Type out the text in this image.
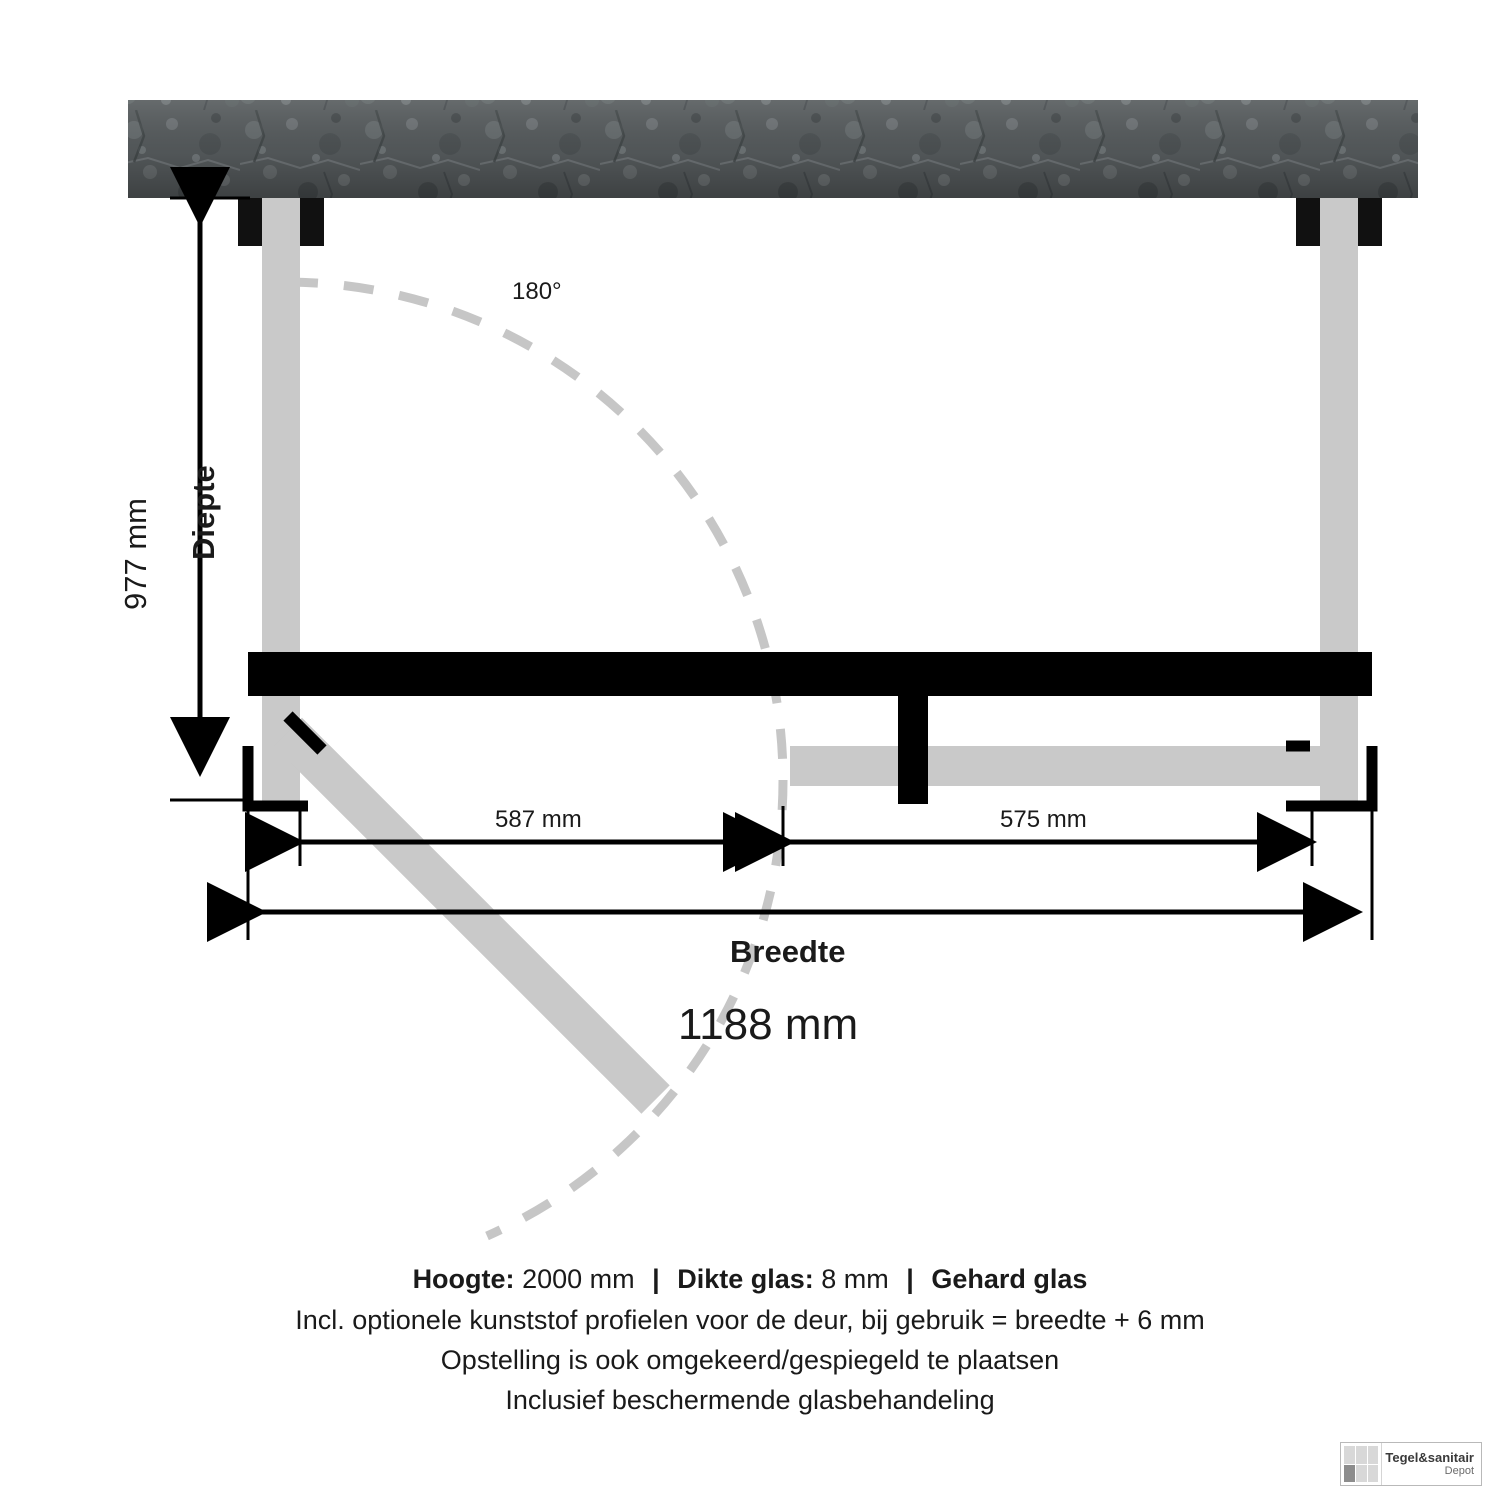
Diepte
977 mm
180°
587 mm	575 mm
Breedte
1188 mm
Hoogte: 2000 mm | Dikte glas: 8 mm | Gehard glas
Incl. optionele kunststof profielen voor de deur, bij gebruik = breedte + 6 mm
Opstelling is ook omgekeerd/gespiegeld te plaatsen
Inclusief beschermende glasbehandeling
Tegel&sanitair
Depot
